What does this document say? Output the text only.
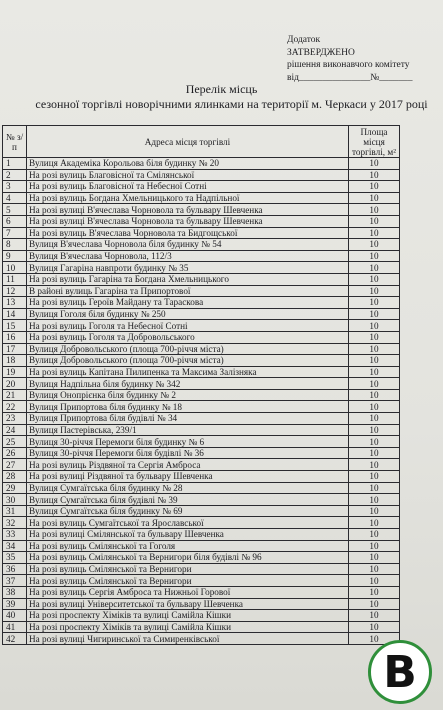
Додаток
ЗАТВЕРДЖЕНО
рішення виконавчого комітету
від_______________№_______
Перелік місць
сезонної торгівлі новорічними ялинками на території м. Черкаси у 2017 році
№ з/п	Адреса місця торгівлі	Площа місця торгівлі, м²
1	Вулиця Академіка Корольова біля будинку № 20	10
2	На розі вулиць Благовісної та Смілянської	10
3	На розі вулиць Благовісної та Небесної Сотні	10
4	На розі вулиць Богдана Хмельницького та Надпільної	10
5	На розі вулиці В'ячеслава Чорновола та бульвару Шевченка	10
6	На розі вулиці В'ячеслава Чорновола та бульвару Шевченка	10
7	На розі вулиць В'ячеслава Чорновола та Бидгощської	10
8	Вулиця В'ячеслава Чорновола біля будинку № 54	10
9	Вулиця В'ячеслава Чорновола, 112/3	10
10	Вулиця Гагаріна навпроти будинку № 35	10
11	На розі вулиць Гагаріна та Богдана Хмельницького	10
12	В районі вулиць Гагаріна та Припортової	10
13	На розі вулиць Героїв Майдану та Тараскова	10
14	Вулиця Гоголя біля будинку № 250	10
15	На розі вулиць Гоголя та Небесної Сотні	10
16	На розі вулиць Гоголя та Добровольського	10
17	Вулиця Добровольського (площа 700-річчя міста)	10
18	Вулиця Добровольського (площа 700-річчя міста)	10
19	На розі вулиць Капітана Пилипенка та Максима Залізняка	10
20	Вулиця Надпільна біля будинку № 342	10
21	Вулиця Онопрієнка біля будинку № 2	10
22	Вулиця Припортова біля будинку № 18	10
23	Вулиця Припортова біля будівлі № 34	10
24	Вулиця Пастерівська, 239/1	10
25	Вулиця 30-річчя Перемоги біля будинку № 6	10
26	Вулиця 30-річчя Перемоги біля будівлі № 36	10
27	На розі вулиць Різдвяної та Сергія Амброса	10
28	На розі вулиці Різдвяної та бульвару Шевченка	10
29	Вулиця Сумгаїтська біля будинку № 28	10
30	Вулиця Сумгаїтська біля будівлі № 39	10
31	Вулиця Сумгаїтська біля будинку № 69	10
32	На розі вулиць Сумгаїтської та Ярославської	10
33	На розі вулиці Смілянської та бульвару Шевченка	10
34	На розі вулиць Смілянської та Гоголя	10
35	На розі вулиць Смілянської та Вернигори біля будівлі № 96	10
36	На розі вулиць Смілянської та Вернигори	10
37	На розі вулиць Смілянської та Вернигори	10
38	На розі вулиць Сергія Амброса та Нижньої Горової	10
39	На розі вулиці Університетської та бульвару Шевченка	10
40	На розі проспекту Хіміків та вулиці Самійла Кішки	10
41	На розі проспекту Хіміків та вулиці Самійла Кішки	10
42	На розі вулиці Чигиринської та Симиренківської	10
B
